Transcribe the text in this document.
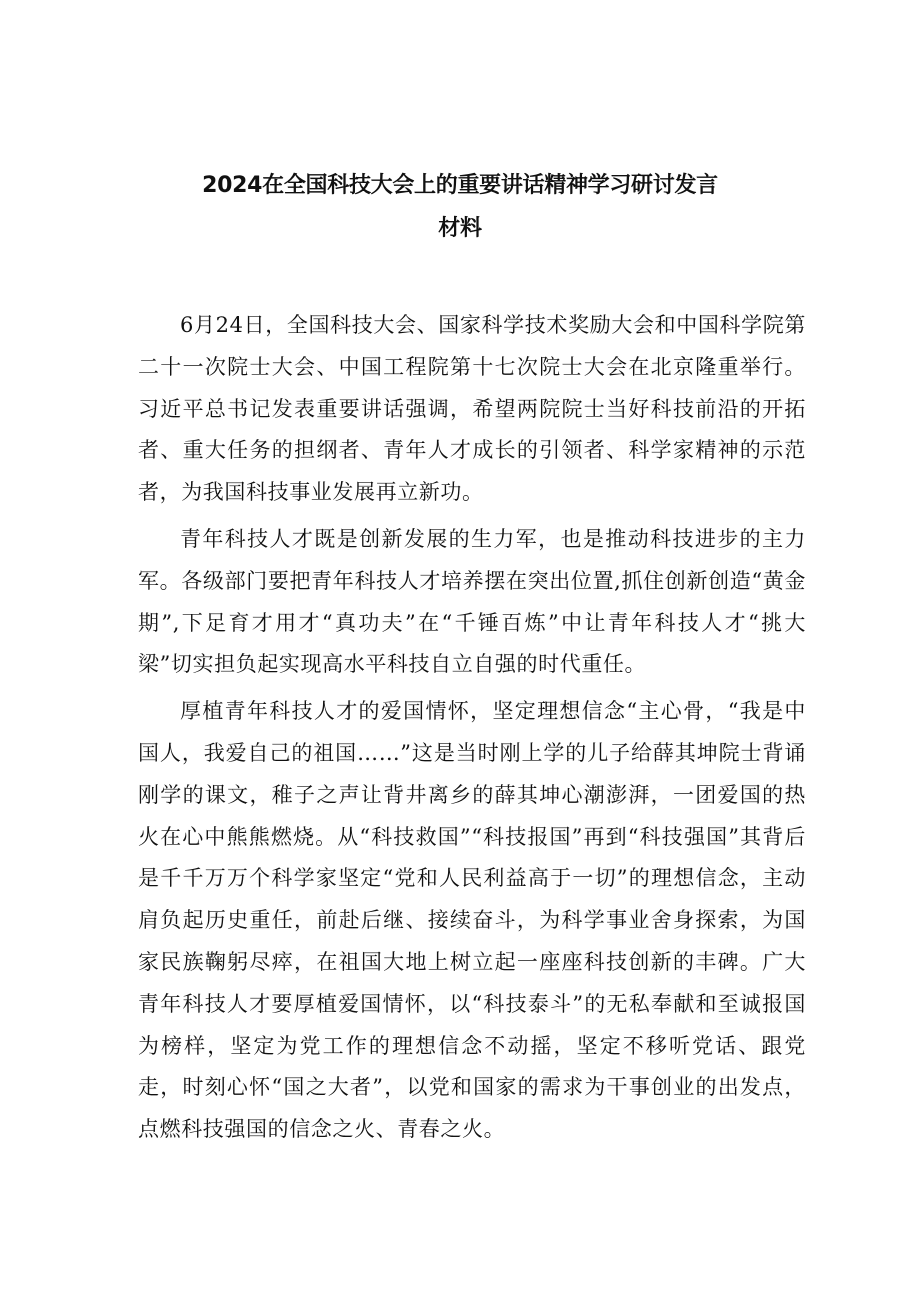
2024在全国科技大会上的重要讲话精神学习研讨发言
材料

6月24日，全国科技大会、国家科学技术奖励大会和中国科学院第二十一次院士大会、中国工程院第十七次院士大会在北京隆重举行。习近平总书记发表重要讲话强调，希望两院院士当好科技前沿的开拓者、重大任务的担纲者、青年人才成长的引领者、科学家精神的示范者，为我国科技事业发展再立新功。

青年科技人才既是创新发展的生力军，也是推动科技进步的主力军。各级部门要把青年科技人才培养摆在突出位置,抓住创新创造“黄金期”,下足育才用才“真功夫”在“千锤百炼”中让青年科技人才“挑大梁”切实担负起实现高水平科技自立自强的时代重任。

厚植青年科技人才的爱国情怀，坚定理想信念“主心骨，“我是中国人，我爱自己的祖国……”这是当时刚上学的儿子给薛其坤院士背诵刚学的课文，稚子之声让背井离乡的薛其坤心潮澎湃，一团爱国的热火在心中熊熊燃烧。从“科技救国”“科技报国”再到“科技强国”其背后是千千万万个科学家坚定“党和人民利益高于一切”的理想信念，主动肩负起历史重任，前赴后继、接续奋斗，为科学事业舍身探索，为国家民族鞠躬尽瘁，在祖国大地上树立起一座座科技创新的丰碑。广大青年科技人才要厚植爱国情怀，以“科技泰斗”的无私奉献和至诚报国为榜样，坚定为党工作的理想信念不动摇，坚定不移听党话、跟党走，时刻心怀“国之大者”，以党和国家的需求为干事创业的出发点，点燃科技强国的信念之火、青春之火。
